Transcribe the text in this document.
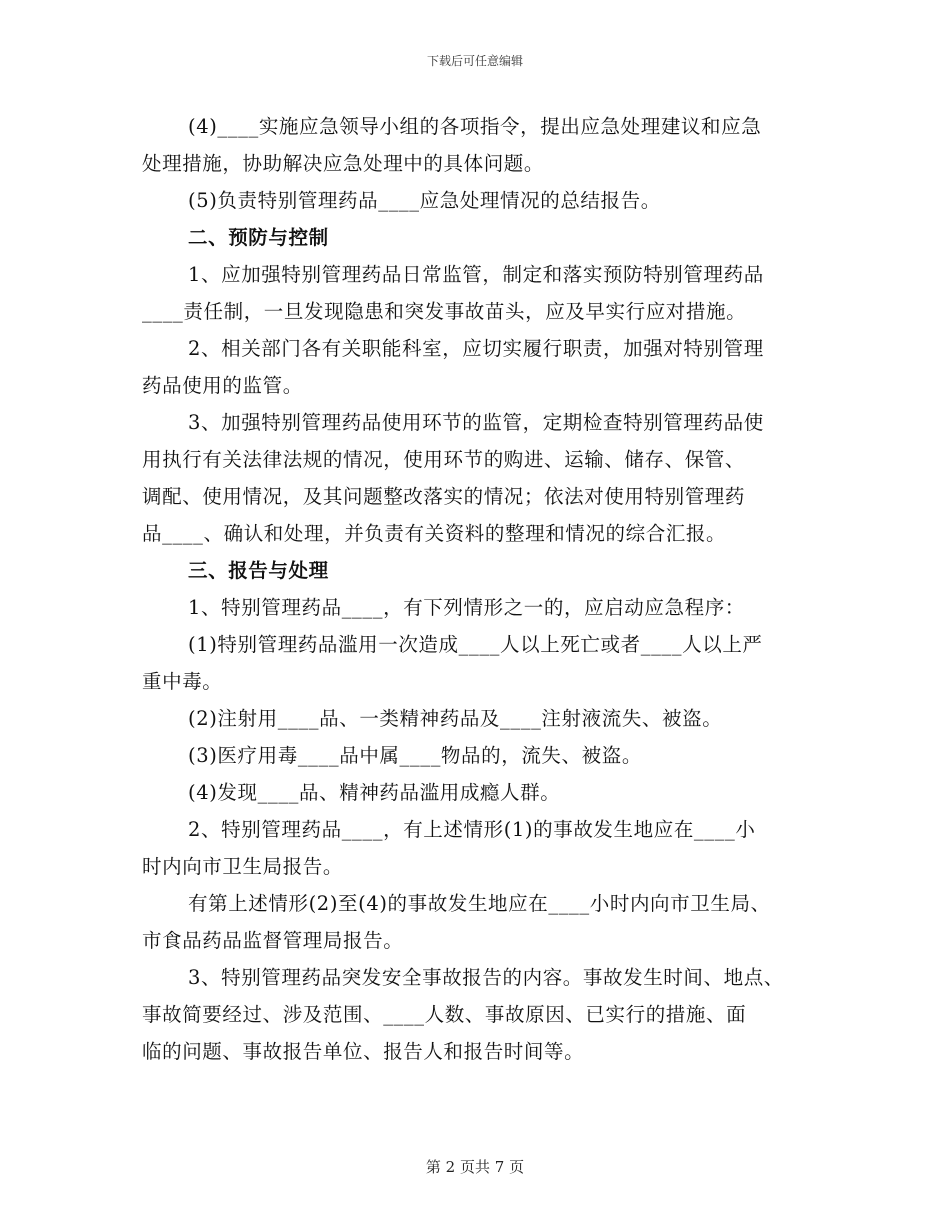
下载后可任意编辑
(4)____实施应急领导小组的各项指令，提出应急处理建议和应急
处理措施，协助解决应急处理中的具体问题。
(5)负责特别管理药品____应急处理情况的总结报告。
二、预防与控制
1、应加强特别管理药品日常监管，制定和落实预防特别管理药品
____责任制，一旦发现隐患和突发事故苗头，应及早实行应对措施。
2、相关部门各有关职能科室，应切实履行职责，加强对特别管理
药品使用的监管。
3、加强特别管理药品使用环节的监管，定期检查特别管理药品使
用执行有关法律法规的情况，使用环节的购进、运输、储存、保管、
调配、使用情况，及其问题整改落实的情况；依法对使用特别管理药
品____、确认和处理，并负责有关资料的整理和情况的综合汇报。
三、报告与处理
1、特别管理药品____，有下列情形之一的，应启动应急程序：
(1)特别管理药品滥用一次造成____人以上死亡或者____人以上严
重中毒。
(2)注射用____品、一类精神药品及____注射液流失、被盗。
(3)医疗用毒____品中属____物品的，流失、被盗。
(4)发现____品、精神药品滥用成瘾人群。
2、特别管理药品____，有上述情形(1)的事故发生地应在____小
时内向市卫生局报告。
有第上述情形(2)至(4)的事故发生地应在____小时内向市卫生局、
市食品药品监督管理局报告。
3、特别管理药品突发安全事故报告的内容。事故发生时间、地点、
事故简要经过、涉及范围、____人数、事故原因、已实行的措施、面
临的问题、事故报告单位、报告人和报告时间等。
第 2 页共 7 页
